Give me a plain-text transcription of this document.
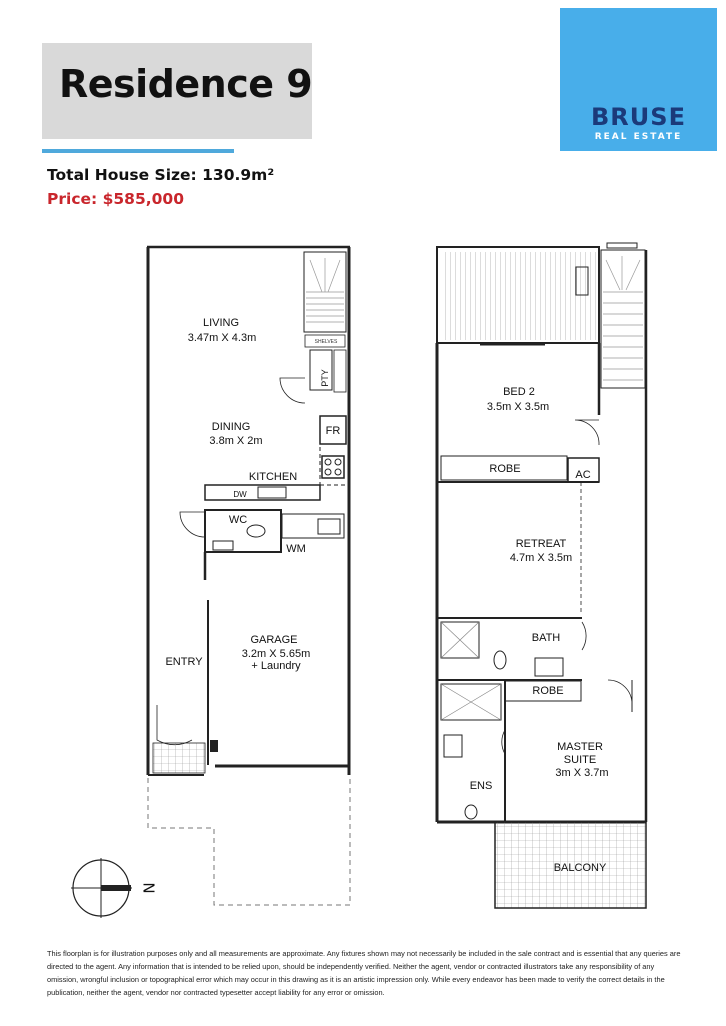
Residence 9
BRUSE
REAL ESTATE
Total House Size: 130.9m²
Price: $585,000
LIVING
3.47m X 4.3m	SHELVES
PTY
DINING
3.8m X 2m
FR
KITCHEN
DW
WC
WM
GARAGE
3.2m X 5.65m
+ Laundry
ENTRY
BED 2
3.5m X 3.5m
ROBE	AC
RETREAT
4.7m X 3.5m
BATH
ROBE
MASTER
SUITE
3m X 3.7m
ENS
BALCONY
N
This floorplan is for illustration purposes only and all measurements are approximate. Any fixtures shown may not necessarily be included in the sale contract and is essential that any queries are directed to the agent. Any information that is intended to be relied upon, should be independently verified. Neither the agent, vendor or contracted illustrators take any responsibility of any omission, wrongful inclusion or topographical error which may occur in this drawing as it is an artistic impression only. While every endeavor has been made to verify the correct details in the publication, neither the agent, vendor nor contracted typesetter accept liability for any error or omission.
